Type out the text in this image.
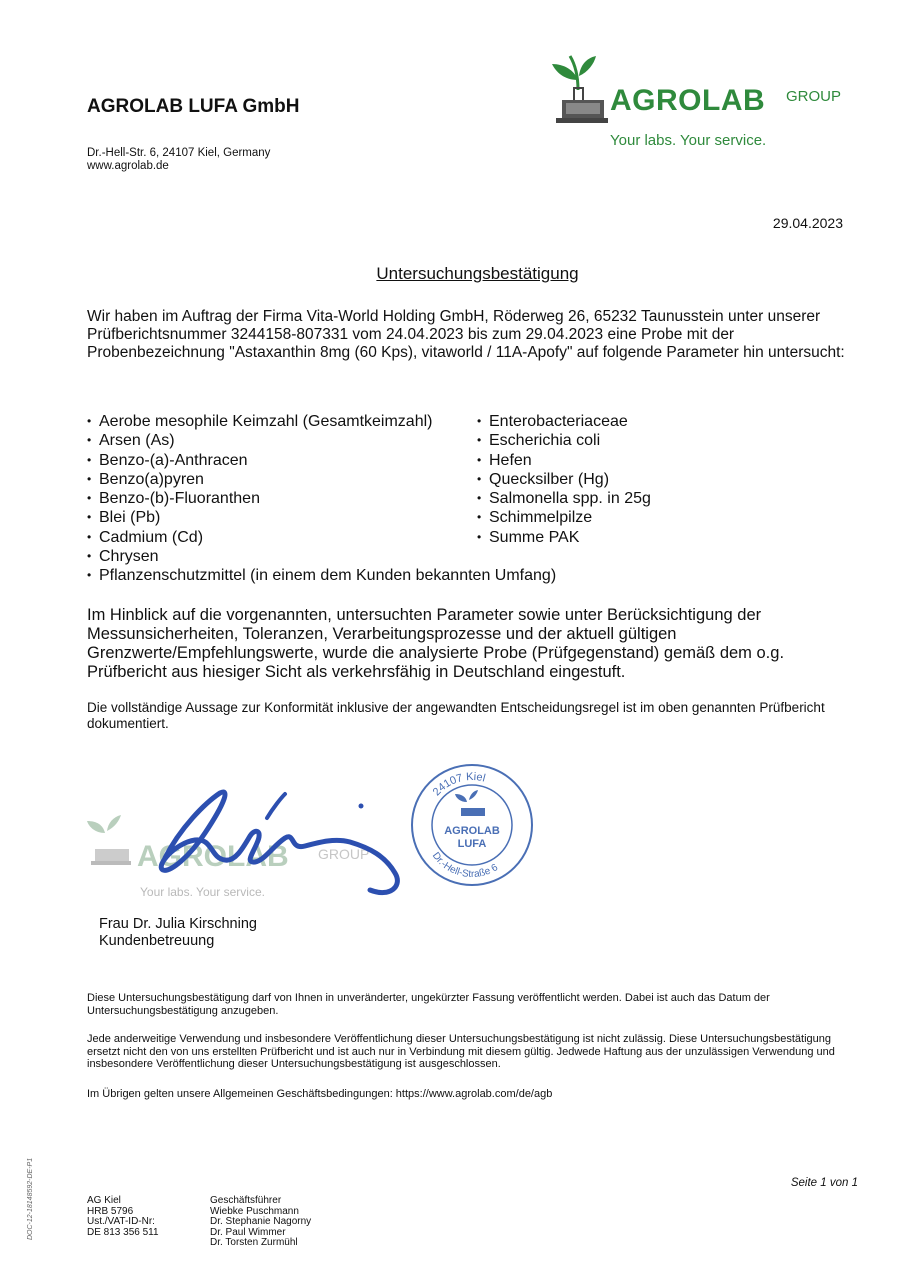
AGROLAB LUFA GmbH
Dr.-Hell-Str. 6, 24107 Kiel, Germany
www.agrolab.de
AGROLAB GROUP
Your labs. Your service.
29.04.2023
Untersuchungsbestätigung
Wir haben im Auftrag der Firma Vita-World Holding GmbH, Röderweg 26, 65232 Taunusstein unter unserer Prüfberichtsnummer 3244158-807331 vom 24.04.2023 bis zum 29.04.2023 eine Probe mit der Probenbezeichnung "Astaxanthin 8mg (60 Kps), vitaworld / 11A-Apofy" auf folgende Parameter hin untersucht:
• Aerobe mesophile Keimzahl (Gesamtkeimzahl)
• Arsen (As)
• Benzo-(a)-Anthracen
• Benzo(a)pyren
• Benzo-(b)-Fluoranthen
• Blei (Pb)
• Cadmium (Cd)
• Chrysen
• Pflanzenschutzmittel (in einem dem Kunden bekannten Umfang)
• Enterobacteriaceae
• Escherichia coli
• Hefen
• Quecksilber (Hg)
• Salmonella spp. in 25g
• Schimmelpilze
• Summe PAK
Im Hinblick auf die vorgenannten, untersuchten Parameter sowie unter Berücksichtigung der Messunsicherheiten, Toleranzen, Verarbeitungsprozesse und der aktuell gültigen Grenzwerte/Empfehlungswerte, wurde die analysierte Probe (Prüfgegenstand) gemäß dem o.g. Prüfbericht aus hiesiger Sicht als verkehrsfähig in Deutschland eingestuft.
Die vollständige Aussage zur Konformität inklusive der angewandten Entscheidungsregel ist im oben genannten Prüfbericht dokumentiert.
AGROLAB GROUP
Your labs. Your service.
24107 Kiel
Dr.-Hell-Straße 6
AGROLAB
LUFA
Frau Dr. Julia Kirschning
Kundenbetreuung
Diese Untersuchungsbestätigung darf von Ihnen in unveränderter, ungekürzter Fassung veröffentlicht werden. Dabei ist auch das Datum der Untersuchungsbestätigung anzugeben.
Jede anderweitige Verwendung und insbesondere Veröffentlichung dieser Untersuchungsbestätigung ist nicht zulässig. Diese Untersuchungsbestätigung ersetzt nicht den von uns erstellten Prüfbericht und ist auch nur in Verbindung mit diesem gültig. Jedwede Haftung aus der unzulässigen Verwendung und insbesondere Veröffentlichung dieser Untersuchungsbestätigung ist ausgeschlossen.
Im Übrigen gelten unsere Allgemeinen Geschäftsbedingungen: https://www.agrolab.com/de/agb
Seite 1 von 1
DOC-12-18148592-DE-P1	AG Kiel
HRB 5796
Ust./VAT-ID-Nr:
DE 813 356 511
Geschäftsführer
Wiebke Puschmann
Dr. Stephanie Nagorny
Dr. Paul Wimmer
Dr. Torsten Zurmühl
